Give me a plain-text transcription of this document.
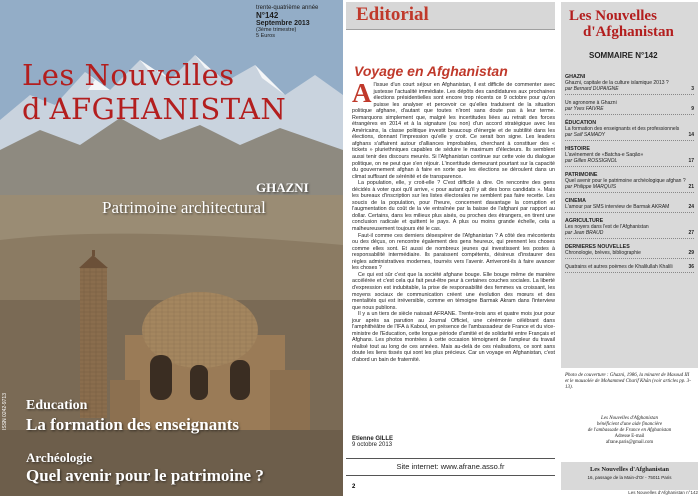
trente-quatrième année
N°142
Septembre 2013
(3ème trimestre)
5 Euros
Les Nouvelles
d'AFGHANISTAN
GHAZNI
Patrimoine architectural
Education
La formation des enseignants
Archéologie
Quel avenir pour le patrimoine ?
ISSN 0242-9713
Editorial
Voyage en Afghanistan

Al'issue d'un court séjour en Afghanistan, il est difficile de commenter avec justesse l'actualité immédiate. Les dépôts des candidatures aux prochaines élections présidentielles sont encore trop récents ce 9 octobre pour qu'on puisse les analyser et percevoir ce qu'elles traduisent de la situation politique afghane, d'autant que toutes n'iront sans doute pas à leur terme. Remarquons simplement que, malgré les incertitudes liées au retrait des forces étrangères en 2014 et à la signature (ou non) d'un accord stratégique avec les Américains, la classe politique investit beaucoup d'énergie et de subtilité dans les élections, donnant l'impression qu'elle y croit. Ce serait bon signe. Les leaders afghans s'affairent autour d'alliances improbables, cherchant à constituer des « tickets » pluriethniques capables de séduire le maximum d'électeurs. Ils semblent aussi tenir des discours meurés. Si l'Afghanistan continue sur cette voie du dialogue politique, on ne peut que s'en réjouir. L'incertitude demeurant pourtant sur la capacité du gouvernement afghan à faire en sorte que les élections se déroulent dans un climat suffisant de sérénité et de transparence.

La population, elle, y croit-elle ? C'est difficile à dire. On rencontre des gens décidés à voter quoi qu'il arrive, « pour autant qu'il y ait des bons candidats ». Mais les bureaux d'inscription sur les listes électorales ne semblent pas faire recette. Les soucis de la population, pour l'heure, concernent davantage la corruption et l'augmentation du coût de la vie entraînée par la baisse de l'afghani par rapport au dollar. Certains, dans les milieux plus aisés, ou proches des étrangers, en tirent une conclusion radicale et quittent le pays. A plus ou moins grande échelle, cela a malheureusement toujours été le cas.

Faut-il comme ces derniers désespérer de l'Afghanistan ? A côté des mécontents ou des déçus, on rencontre également des gens heureux, qui prennent les choses comme elles sont. Et aussi de nombreux jeunes qui investissent les postes à responsabilité intermédiaire. Ils paraissent compétents, désireux d'instaurer des règles administratives modernes, tournés vers l'avenir. Arriveront-ils à faire avancer les choses ?

Ce qui est sûr c'est que la société afghane bouge. Elle bouge même de manière accélérée et c'est cela qui fait peut-être peur à certaines couches sociales. La liberté d'expression est indubitable, la prise de responsabilité des femmes va croissant, les moyens sociaux de communication créent une évolution des mœurs et des mentalités qui est irréversible, comme en témoigne Barmak Akram dans l'interview que nous publions.

Il y a un tiers de siècle naissait AFRANE. Trente-trois ans et quatre mois jour pour jour après sa parution au Journal Officiel, une cérémonie célébrant dans l'amphithéâtre de l'IFA à Kaboul, en présence de l'ambassadeur de France et du vice-ministre de l'Education, cette longue période d'amitié et de solidarité entre Français et Afghans. Les photos montrées à cette occasion témoignent de l'ampleur du travail réalisé tout au long de ces années. Mais au-delà de ces réalisations, ce sont sans doute les liens tissés qui sont les plus précieux. Car un voyage en Afghanistan, c'est d'abord un bain de fraternité.

Etienne GILLE
9 octobre 2013
Site internet: www.afrane.asso.fr
2
Les Nouvelles
d'Afghanistan
SOMMAIRE N°142
GHAZNI
Ghazni, capitale de la culture islamique 2013 ?
par Bernard DUPAIGNE	3
Un agronome à Ghazni
par Yves FAIVRE	9
ÉDUCATION
La formation des enseignants et des professionnels
par Saïf SAMADY	14
HISTOIRE
L'avènement de «Batcha-e Saqâo»
par Gilles ROSSIGNOL	17
PATRIMOINE
Quel avenir pour le patrimoine archéologique afghan ?
par Philippe MARQUIS	21
CINEMA
L'amour par SMS interview de Barmak AKRAM	24
AGRICULTURE
Les noyers dans l'est de l'Afghanistan
par Jean BRAUD	27
DERNIERES NOUVELLES
Chronologie, brèves, bibliographie	29
Quatrains et autres poèmes de Khalilullah Khalili	36
Photo de couverture : Ghazni, 1986, la minaret de Masoud III et le mausolée de Mohammed Charif Khân (voir articles pp. 3-13).
Les Nouvelles d'Afghanistan
bénéficient d'une aide financière
de l'ambassade de France en Afghanistan
Adresse E-mail
afrane.paris@gmail.com
Les Nouvelles d'Afghanistan
16, passage de la Main-d'Or - 75011 Paris
Les Nouvelles d'Afghanistan n°142
